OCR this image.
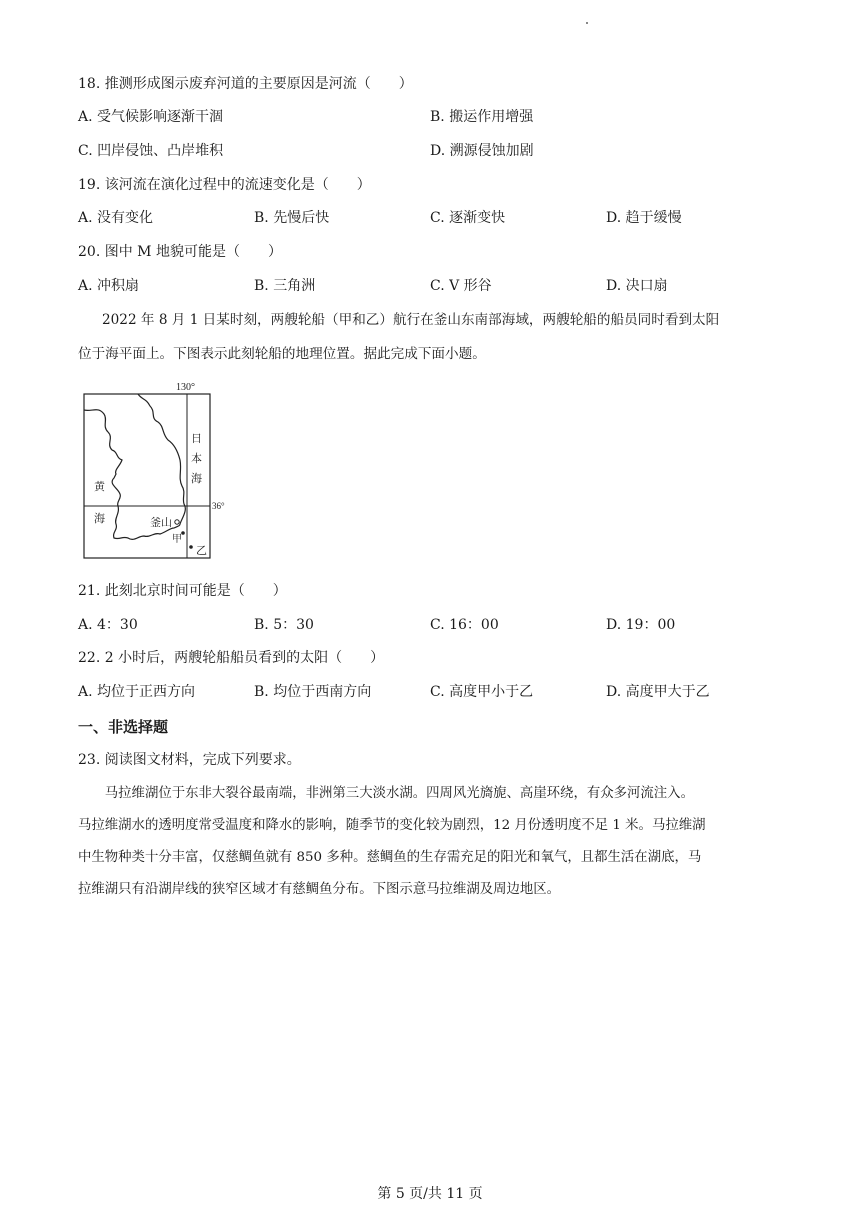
18. 推测形成图示废弃河道的主要原因是河流（　　）
A. 受气候影响逐渐干涸	B. 搬运作用增强
C. 凹岸侵蚀、凸岸堆积	D. 溯源侵蚀加剧
19. 该河流在演化过程中的流速变化是（　　）
A. 没有变化	B. 先慢后快	C. 逐渐变快	D. 趋于缓慢
20. 图中 M 地貌可能是（　　）
A. 冲积扇	B. 三角洲	C. V 形谷	D. 决口扇
2022 年 8 月 1 日某时刻，两艘轮船（甲和乙）航行在釜山东南部海域，两艘轮船的船员同时看到太阳
位于海平面上。下图表示此刻轮船的地理位置。据此完成下面小题。
130°
36°
日
本
海
黄
海	釜山
甲
乙
21. 此刻北京时间可能是（　　）
A. 4：30	B. 5：30	C. 16：00	D. 19：00
22. 2 小时后，两艘轮船船员看到的太阳（　　）
A. 均位于正西方向	B. 均位于西南方向	C. 高度甲小于乙	D. 高度甲大于乙
一、非选择题
23. 阅读图文材料，完成下列要求。

　　马拉维湖位于东非大裂谷最南端，非洲第三大淡水湖。四周风光旖旎、高崖环绕，有众多河流注入。

马拉维湖水的透明度常受温度和降水的影响，随季节的变化较为剧烈，12 月份透明度不足 1 米。马拉维湖

中生物种类十分丰富，仅慈鲷鱼就有 850 多种。慈鲷鱼的生存需充足的阳光和氧气，且都生活在湖底，马

拉维湖只有沿湖岸线的狭窄区域才有慈鲷鱼分布。下图示意马拉维湖及周边地区。

第 5 页/共 11 页
